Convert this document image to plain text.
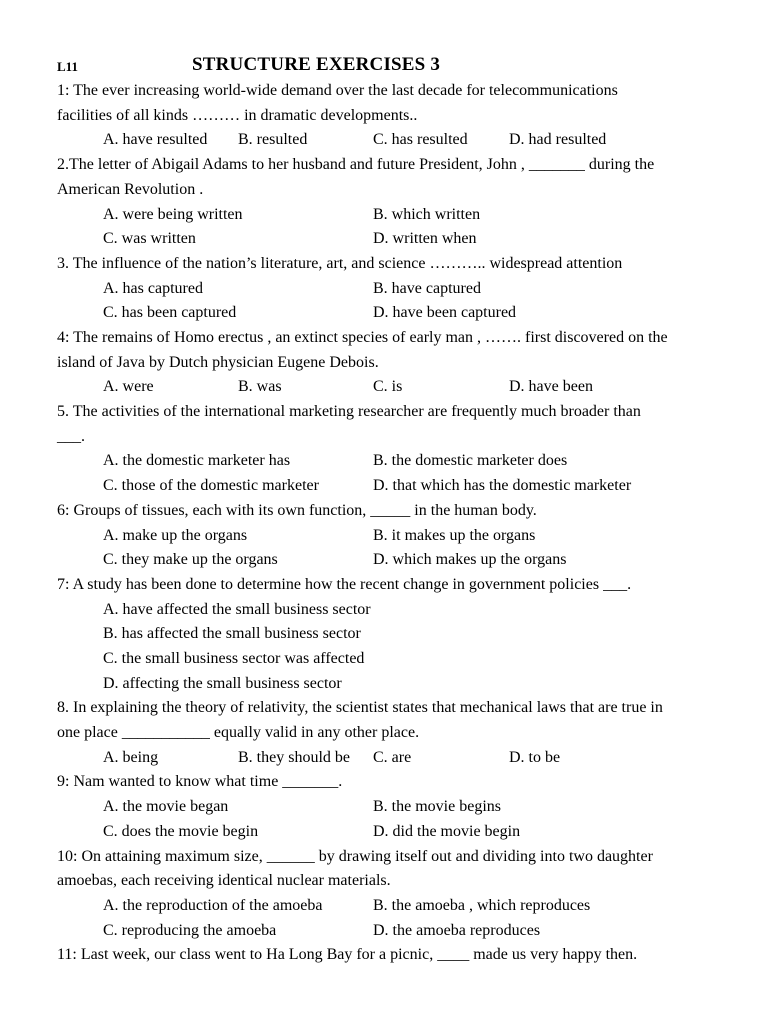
L11	STRUCTURE EXERCISES 3
1: The ever increasing world-wide demand over the last decade for telecommunications
facilities of all kinds ……… in dramatic developments..
A. have resulted B. resulted	C. has resulted	D. had resulted
2.The letter of Abigail Adams to her husband and future President, John , _______ during the
American Revolution .
A. were being written	B. which written
C. was written	D. written when
3. The influence of the nation’s literature, art, and science ……….. widespread attention
A. has captured	B. have captured
C. has been captured	D. have been captured
4: The remains of Homo erectus , an extinct species of early man , ……. first discovered on the
island of Java by Dutch physician Eugene Debois.
A. were	B. was	C. is	D. have been
5. The activities of the international marketing researcher are frequently much broader than
___.
A. the domestic marketer has	B. the domestic marketer does
C. those of the domestic marketer	D. that which has the domestic marketer
6: Groups of tissues, each with its own function, _____ in the human body.
A. make up the organs	B. it makes up the organs
C. they make up the organs	D. which makes up the organs
7: A study has been done to determine how the recent change in government policies ___.
A. have affected the small business sector
B. has affected the small business sector
C. the small business sector was affected
D. affecting the small business sector
8. In explaining the theory of relativity, the scientist states that mechanical laws that are true in
one place ___________ equally valid in any other place.
A. being	B. they should be C. are	D. to be
9: Nam wanted to know what time _______.
A. the movie began	B. the movie begins
C. does the movie begin	D. did the movie begin
10: On attaining maximum size, ______ by drawing itself out and dividing into two daughter
amoebas, each receiving identical nuclear materials.
A. the reproduction of the amoeba	B. the amoeba , which reproduces
C. reproducing the amoeba	D. the amoeba reproduces
11: Last week, our class went to Ha Long Bay for a picnic, ____ made us very happy then.
